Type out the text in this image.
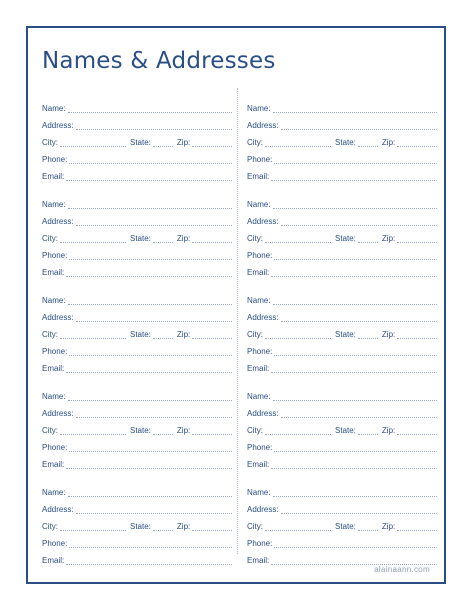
Names & Addresses
Name:
Address:
City:	State:	Zip:
Phone:
Email:
Name:
Address:
City:	State:	Zip:
Phone:
Email:
Name:
Address:
City:	State:	Zip:
Phone:
Email:
Name:
Address:
City:	State:	Zip:
Phone:
Email:
Name:
Address:
City:	State:	Zip:
Phone:
Email:
Name:
Address:
City:	State:	Zip:
Phone:
Email:
Name:
Address:
City:	State:	Zip:
Phone:
Email:
Name:
Address:
City:	State:	Zip:
Phone:
Email:
Name:
Address:
City:	State:	Zip:
Phone:
Email:
Name:
Address:
City:	State:	Zip:
Phone:
Email:
alainaann.com
